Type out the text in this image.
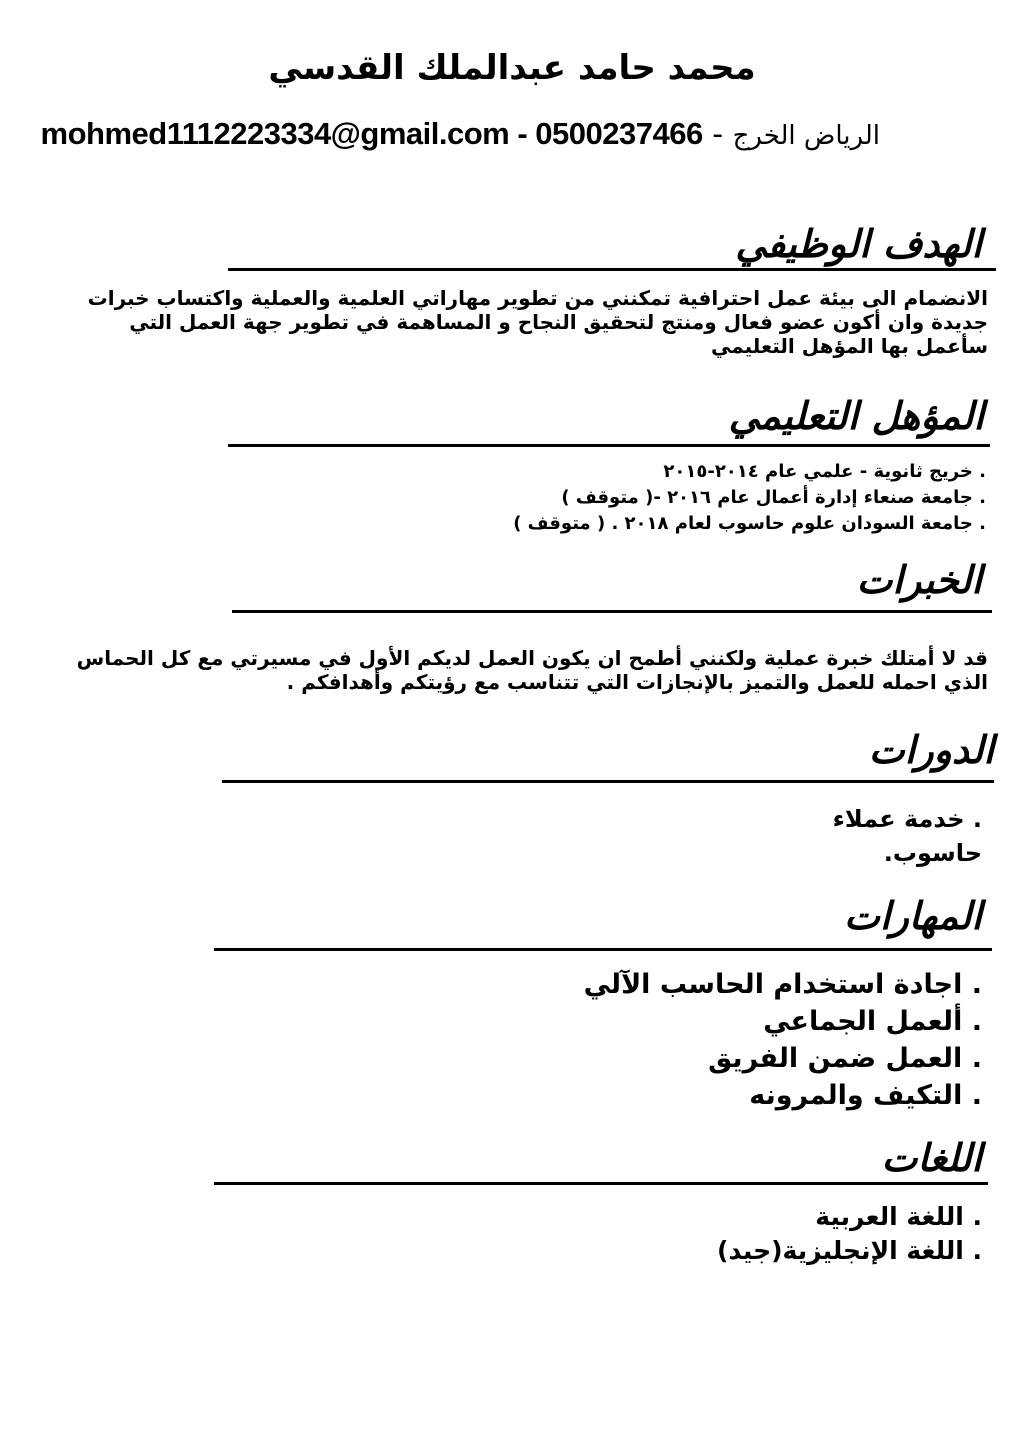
محمد حامد عبدالملك القدسي
الرياض الخرج - mohmed1112223334@gmail.com - 0500237466
الهدف الوظيفي
الانضمام الى بيئة عمل احترافية تمكنني من تطوير مهاراتي العلمية والعملية واكتساب خبرات جديدة وان أكون عضو فعال ومنتج لتحقيق النجاح و المساهمة في تطوير جهة العمل التي سأعمل بها المؤهل التعليمي
المؤهل التعليمي
. خريج ثانوية - علمي عام ٢٠١٤-٢٠١٥
. جامعة صنعاء إدارة أعمال عام ٢٠١٦ -( متوقف )
. جامعة السودان علوم حاسوب لعام ٢٠١٨ . ( متوقف )
الخبرات
قد لا أمتلك خبرة عملية ولكنني أطمح ان يكون العمل لديكم الأول في مسيرتي مع كل الحماس الذي احمله للعمل والتميز بالإنجازات التي تتناسب مع رؤيتكم وأهدافكم .
الدورات
. خدمة عملاء
حاسوب.
المهارات
. اجادة استخدام الحاسب الآلي
. ألعمل الجماعي
. العمل ضمن الفريق
. التكيف والمرونه
اللغات
. اللغة العربية
. اللغة الإنجليزية(جيد)
